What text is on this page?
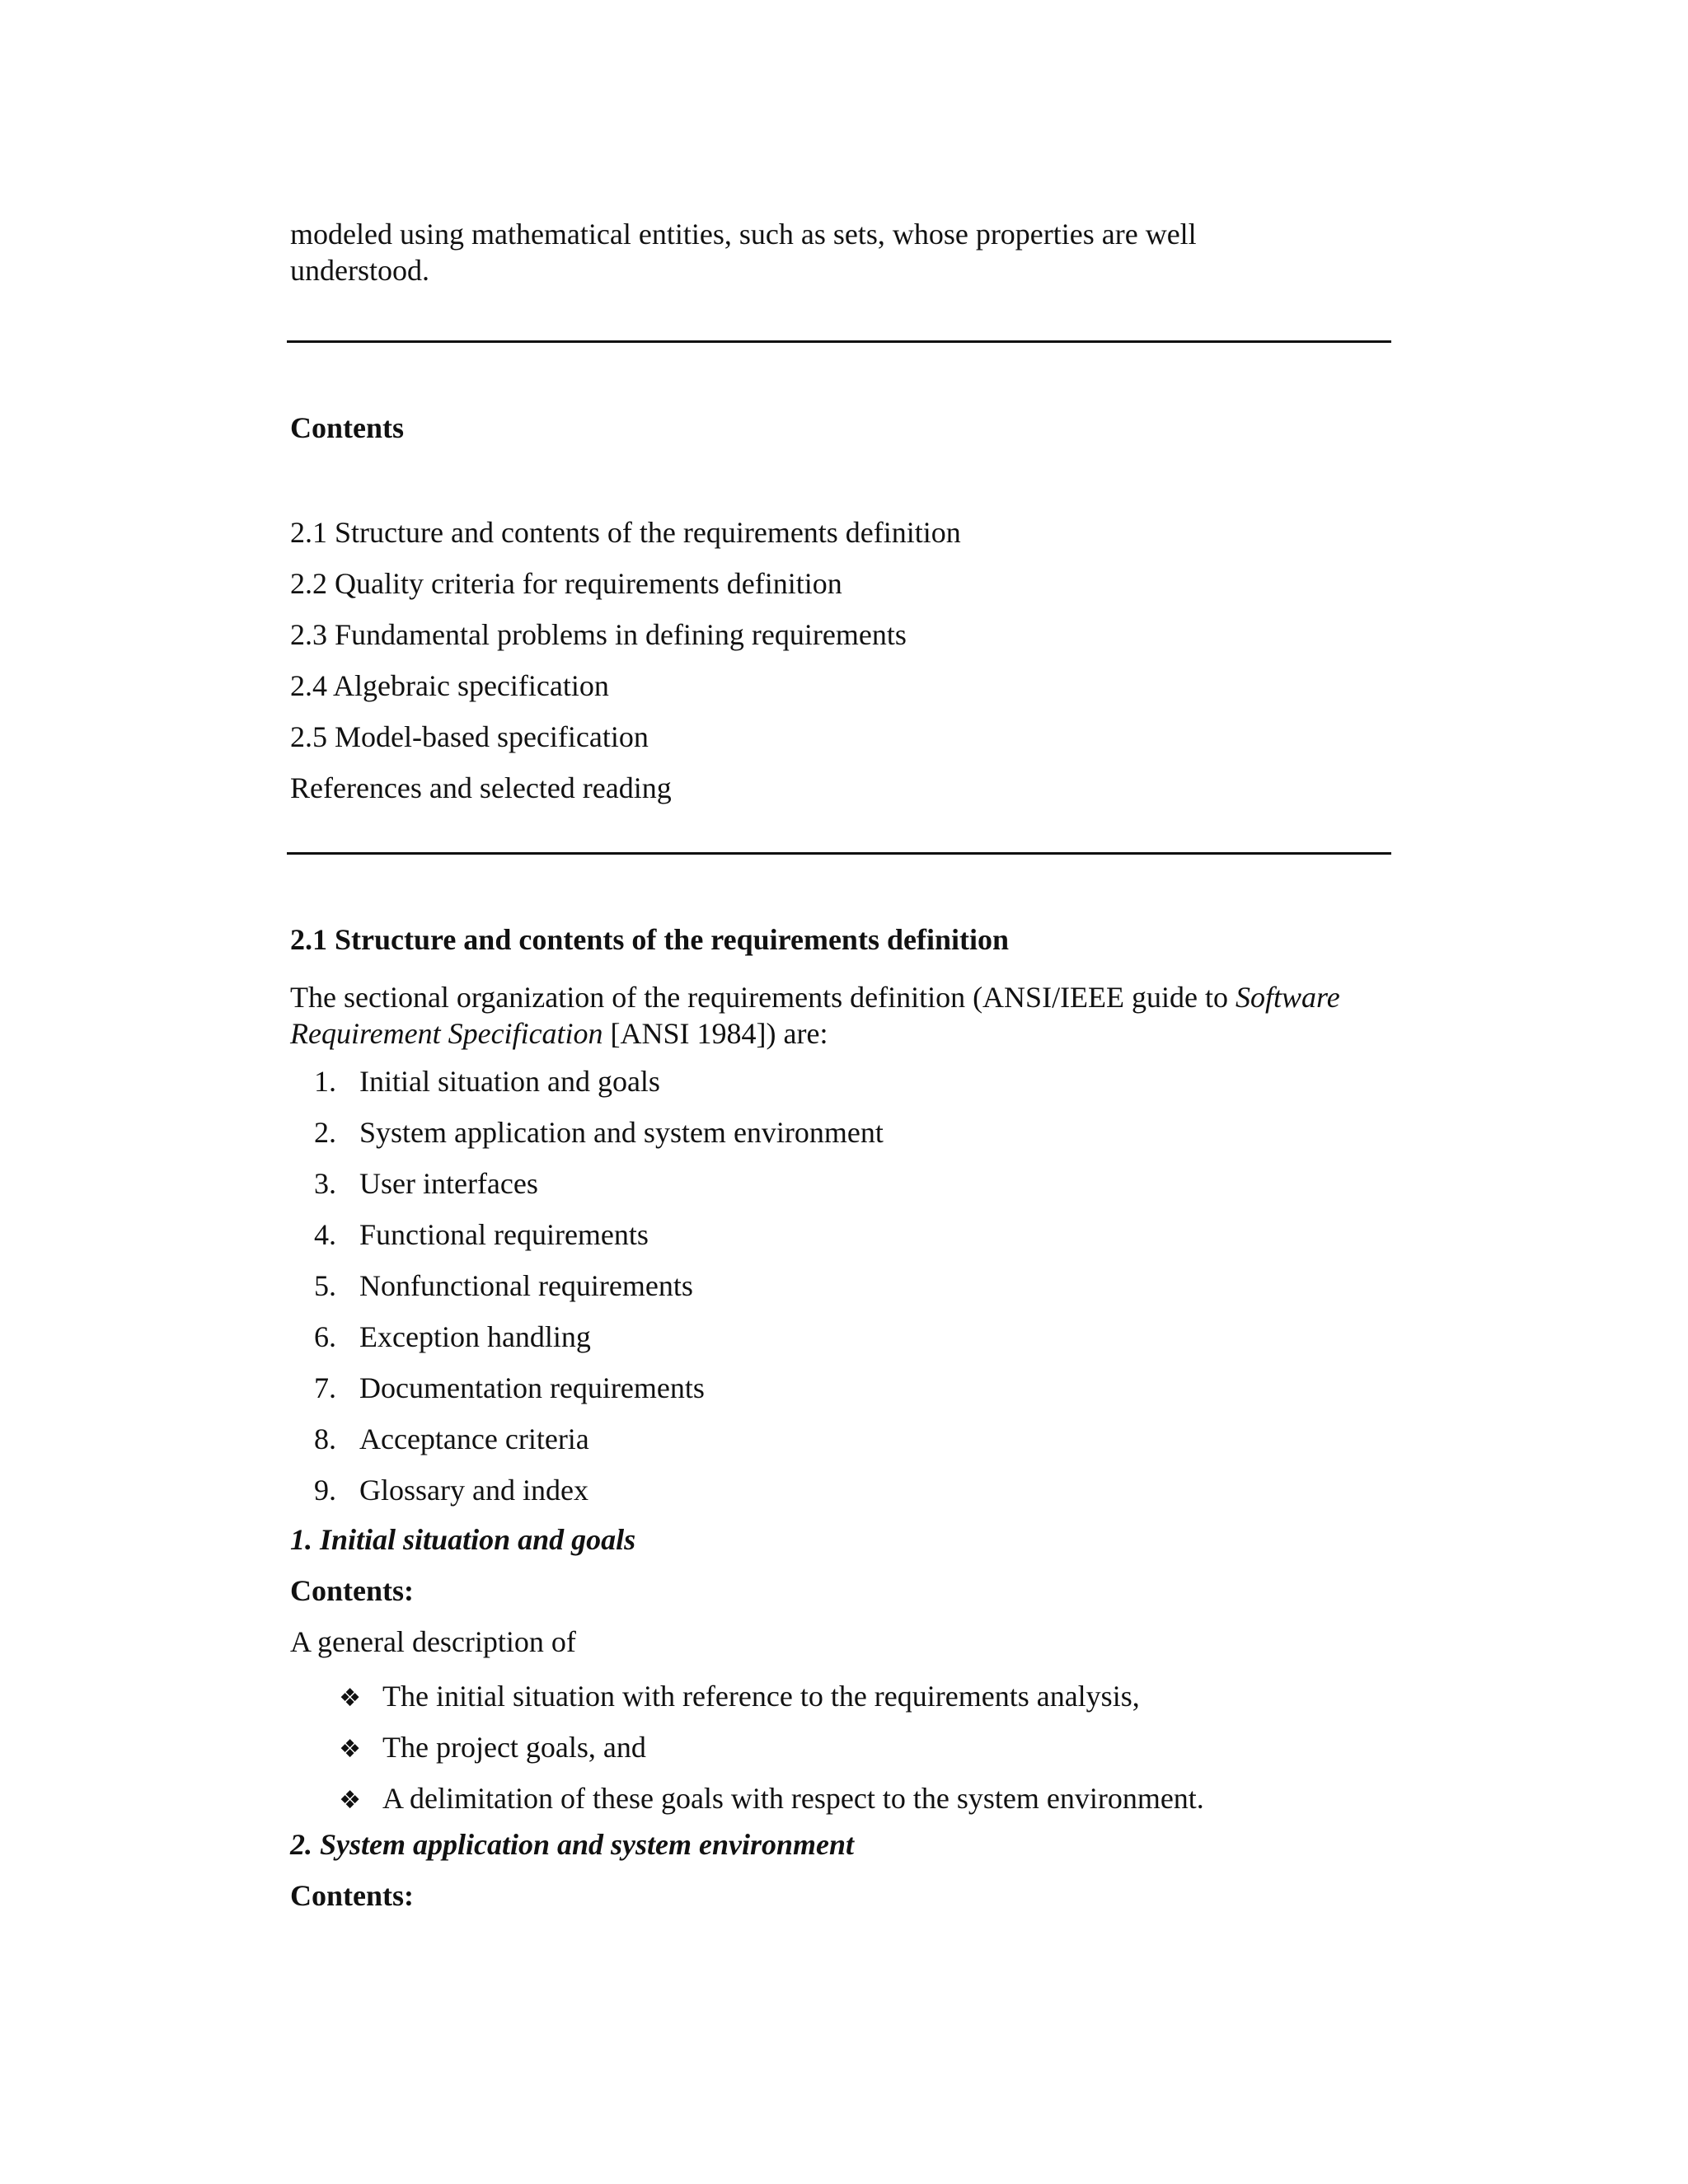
modeled using mathematical entities, such as sets, whose properties are well

understood.

Contents
2.1 Structure and contents of the requirements definition
2.2 Quality criteria for requirements definition
2.3 Fundamental problems in defining requirements
2.4 Algebraic specification
2.5 Model-based specification
References and selected reading
2.1 Structure and contents of the requirements definition

The sectional organization of the requirements definition (ANSI/IEEE guide to Software

Requirement Specification [ANSI 1984]) are:

1. Initial situation and goals
2. System application and system environment
3. User interfaces
4. Functional requirements
5. Nonfunctional requirements
6. Exception handling
7. Documentation requirements
8. Acceptance criteria
9. Glossary and index
1. Initial situation and goals
Contents:
A general description of
❖ The initial situation with reference to the requirements analysis,
❖ The project goals, and
❖ A delimitation of these goals with respect to the system environment.
2. System application and system environment
Contents:
